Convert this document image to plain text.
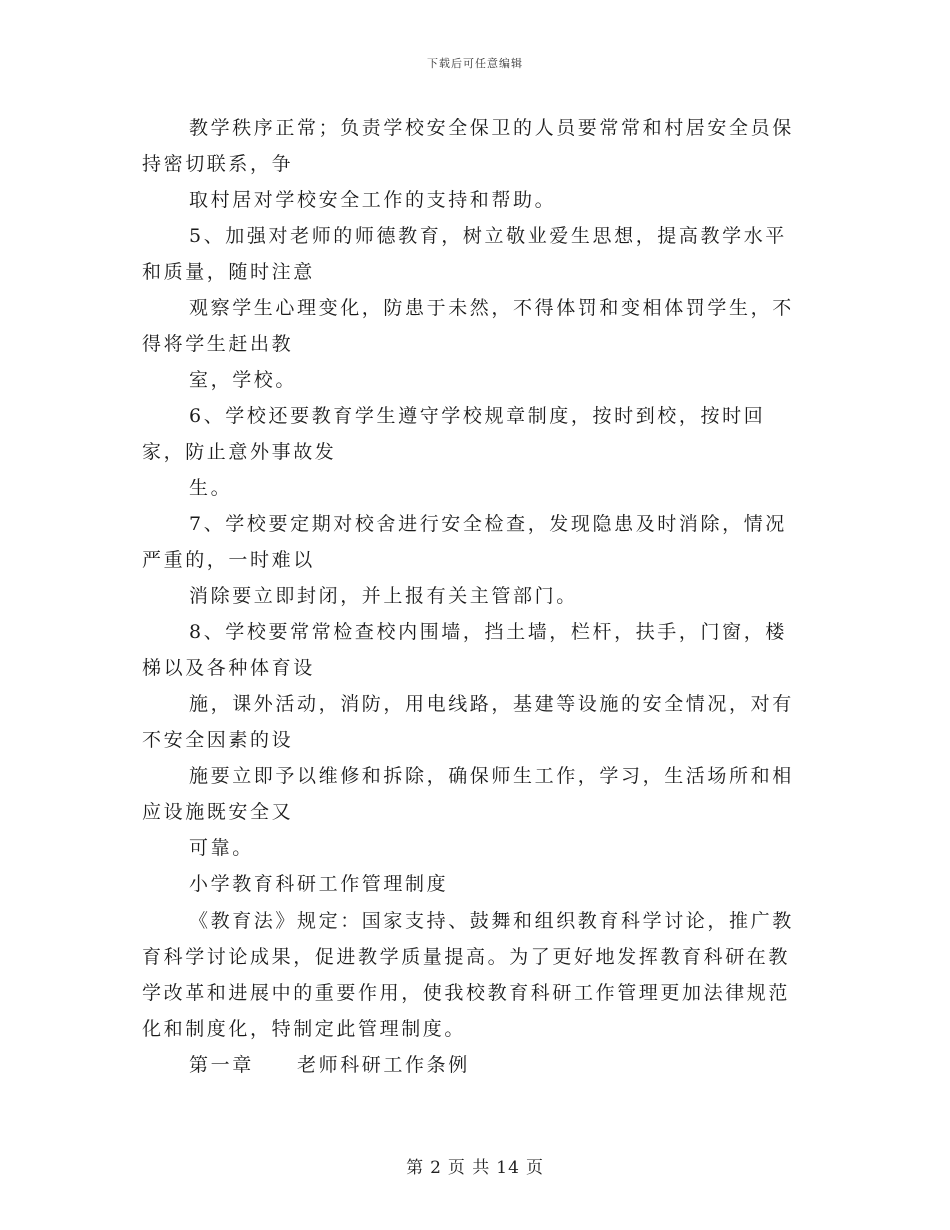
下载后可任意编辑

教学秩序正常；负责学校安全保卫的人员要常常和村居安全员保持密切联系，争

取村居对学校安全工作的支持和帮助。

5、加强对老师的师德教育，树立敬业爱生思想，提高教学水平和质量，随时注意

观察学生心理变化，防患于未然，不得体罚和变相体罚学生，不得将学生赶出教

室，学校。

6、学校还要教育学生遵守学校规章制度，按时到校，按时回家，防止意外事故发

生。

7、学校要定期对校舍进行安全检查，发现隐患及时消除，情况严重的，一时难以

消除要立即封闭，并上报有关主管部门。

8、学校要常常检查校内围墙，挡土墙，栏杆，扶手，门窗，楼梯以及各种体育设

施，课外活动，消防，用电线路，基建等设施的安全情况，对有不安全因素的设

施要立即予以维修和拆除，确保师生工作，学习，生活场所和相应设施既安全又

可靠。

小学教育科研工作管理制度

《教育法》规定：国家支持、鼓舞和组织教育科学讨论，推广教育科学讨论成果，促进教学质量提高。为了更好地发挥教育科研在教学改革和进展中的重要作用，使我校教育科研工作管理更加法律规范化和制度化，特制定此管理制度。

第一章　　老师科研工作条例

第 2 页 共 14 页
